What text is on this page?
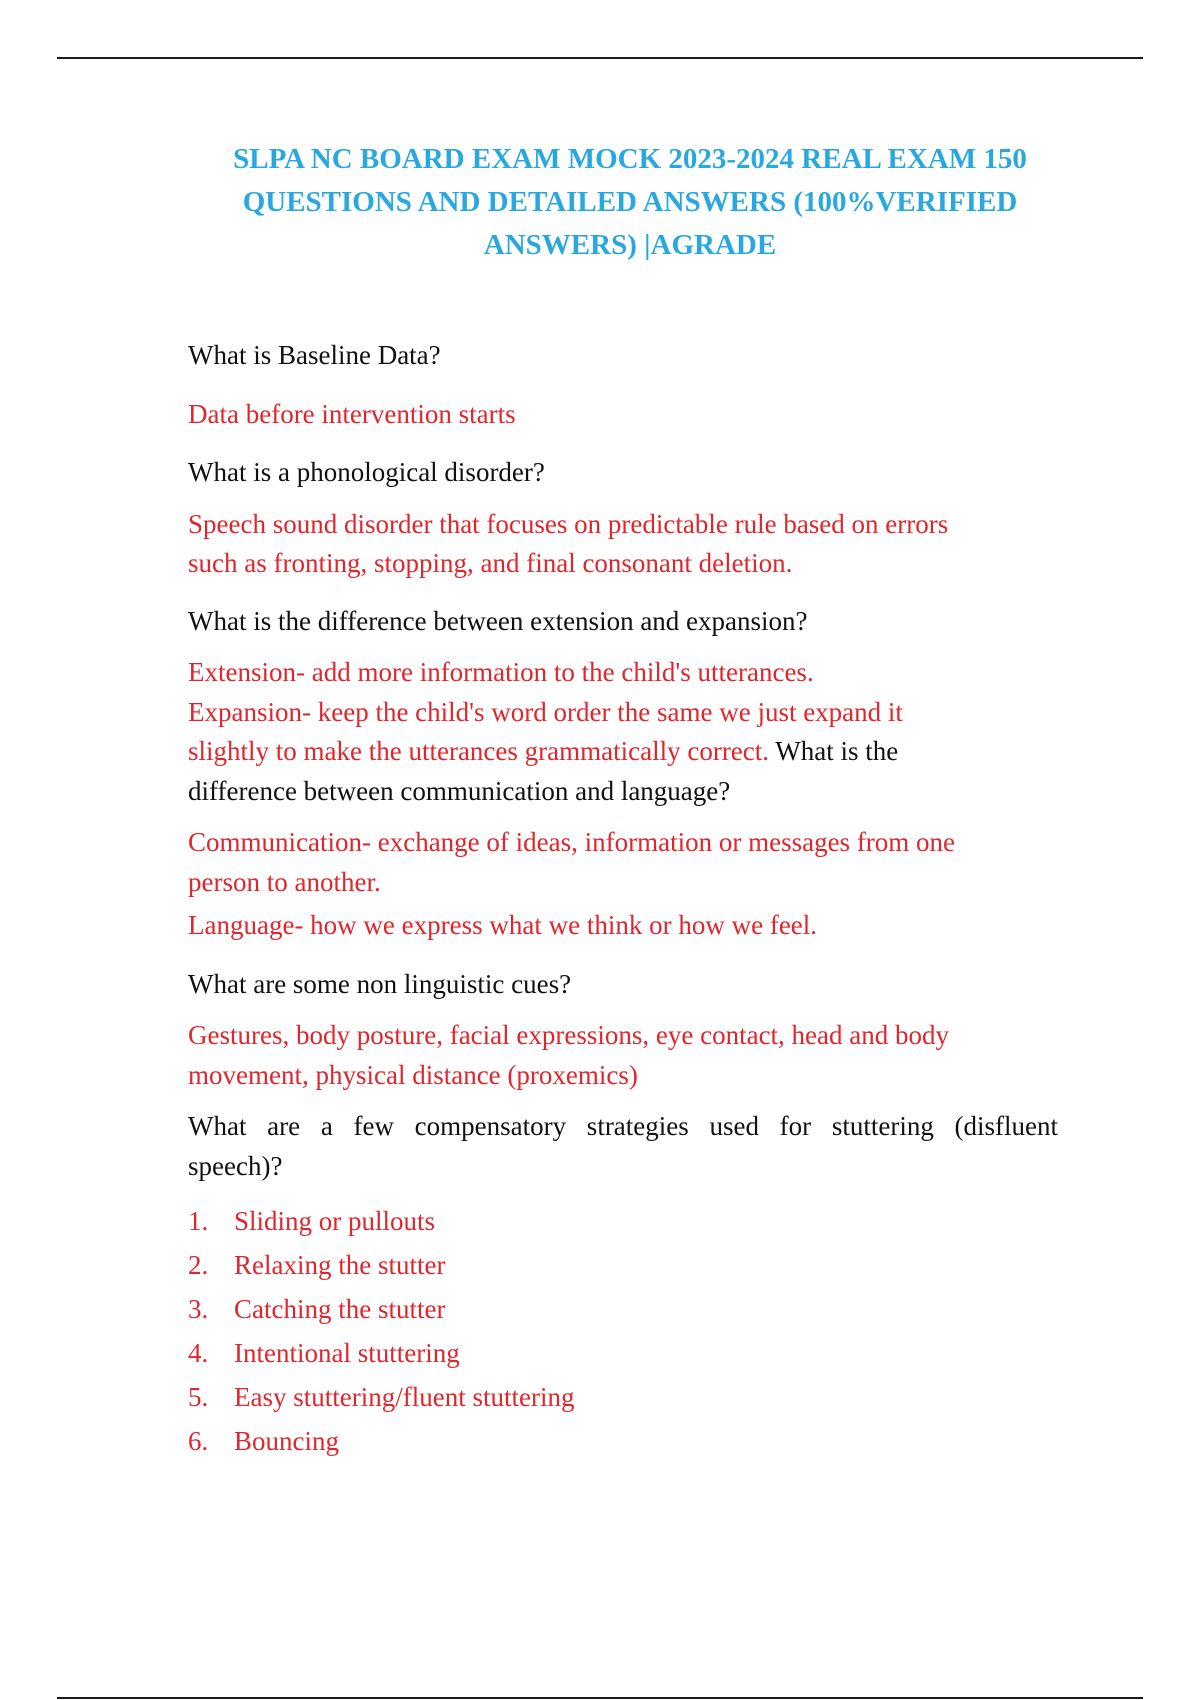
SLPA NC BOARD EXAM MOCK 2023-2024 REAL EXAM 150
QUESTIONS AND DETAILED ANSWERS (100%VERIFIED
ANSWERS) |AGRADE

What is Baseline Data?

Data before intervention starts

What is a phonological disorder?

Speech sound disorder that focuses on predictable rule based on errors

such as fronting, stopping, and final consonant deletion.

What is the difference between extension and expansion?

Extension- add more information to the child's utterances.

Expansion- keep the child's word order the same we just expand it

slightly to make the utterances grammatically correct. What is the

difference between communication and language?

Communication- exchange of ideas, information or messages from one

person to another.

Language- how we express what we think or how we feel.

What are some non linguistic cues?

Gestures, body posture, facial expressions, eye contact, head and body

movement, physical distance (proxemics)

What are a few compensatory strategies used for stuttering (disfluent

speech)?

1. Sliding or pullouts
2. Relaxing the stutter
3. Catching the stutter
4. Intentional stuttering
5. Easy stuttering/fluent stuttering
6. Bouncing
